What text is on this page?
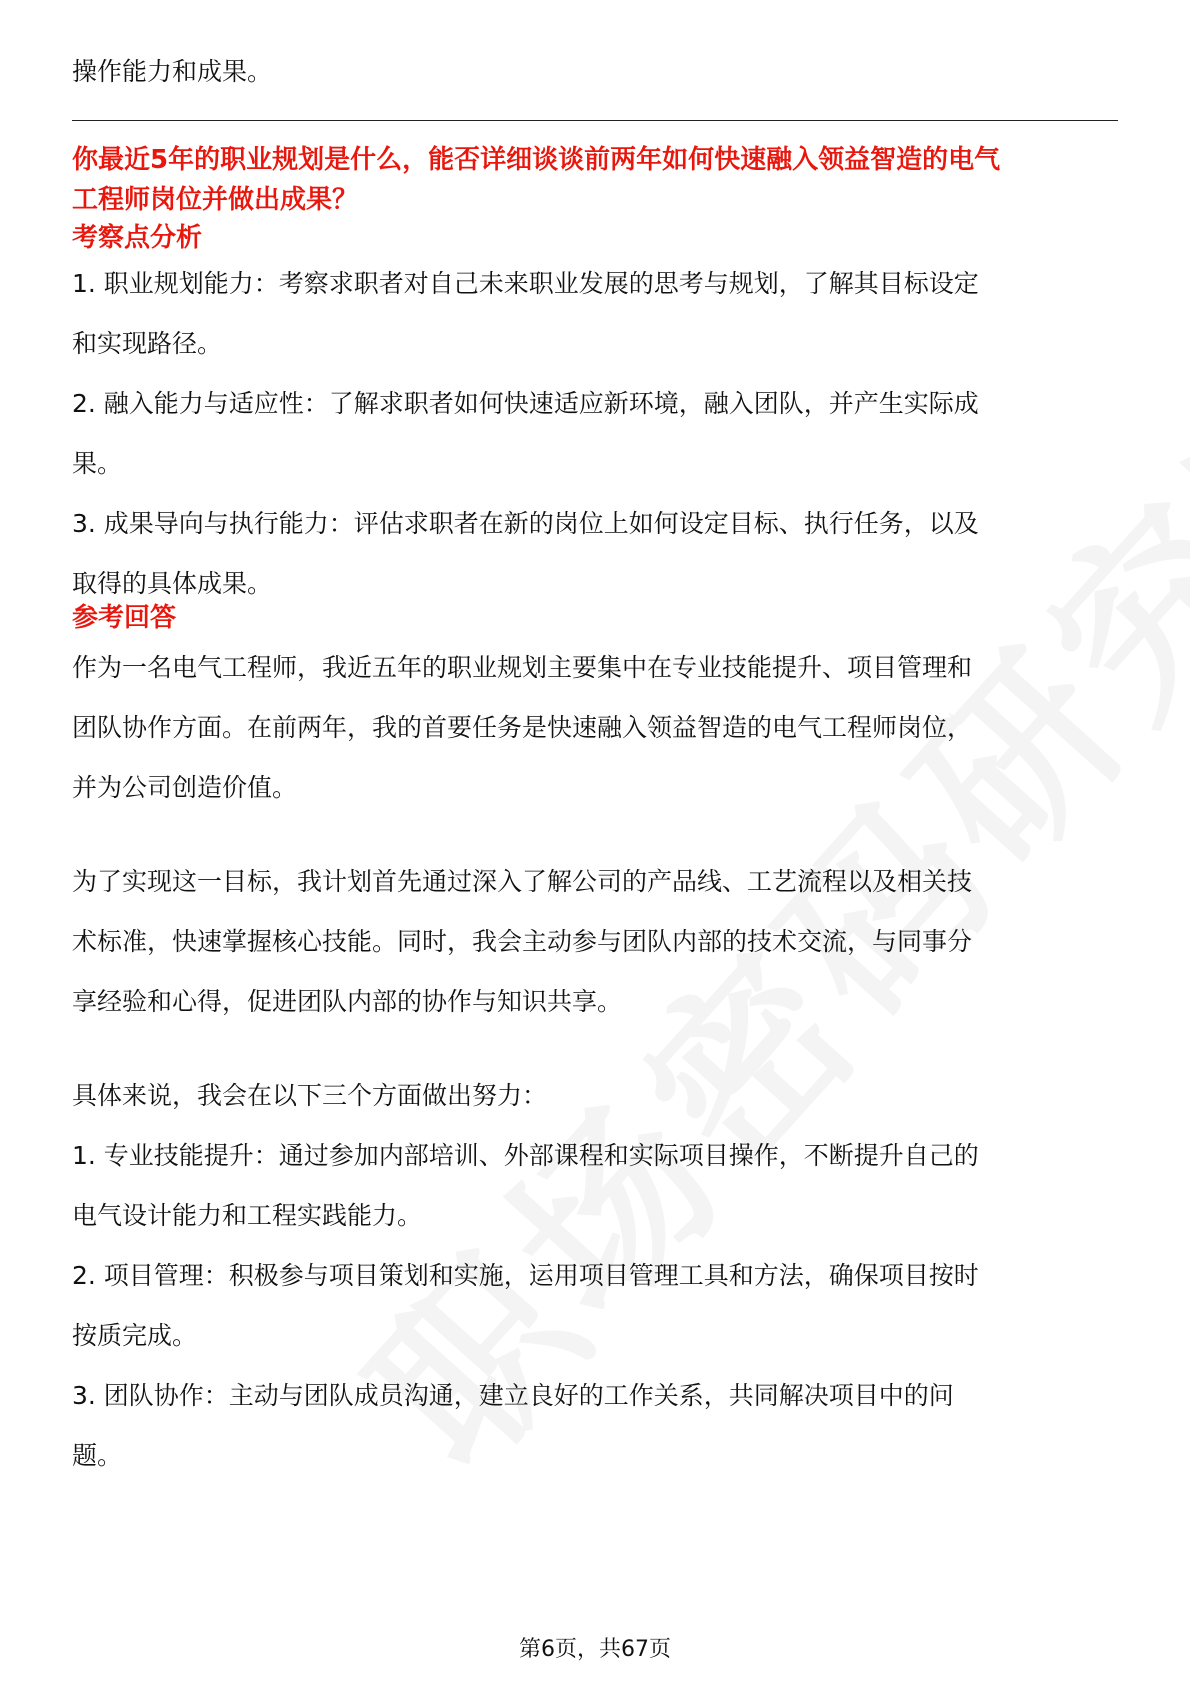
操作能力和成果。

你最近5年的职业规划是什么，能否详细谈谈前两年如何快速融入领益智造的电气
工程师岗位并做出成果？

考察点分析

1. 职业规划能力：考察求职者对自己未来职业发展的思考与规划，了解其目标设定

和实现路径。

2. 融入能力与适应性：了解求职者如何快速适应新环境，融入团队，并产生实际成

果。

3. 成果导向与执行能力：评估求职者在新的岗位上如何设定目标、执行任务，以及

取得的具体成果。

参考回答

作为一名电气工程师，我近五年的职业规划主要集中在专业技能提升、项目管理和

团队协作方面。在前两年，我的首要任务是快速融入领益智造的电气工程师岗位，

并为公司创造价值。

为了实现这一目标，我计划首先通过深入了解公司的产品线、工艺流程以及相关技

术标准，快速掌握核心技能。同时，我会主动参与团队内部的技术交流，与同事分

享经验和心得，促进团队内部的协作与知识共享。

具体来说，我会在以下三个方面做出努力：

1. 专业技能提升：通过参加内部培训、外部课程和实际项目操作，不断提升自己的

电气设计能力和工程实践能力。

2. 项目管理：积极参与项目策划和实施，运用项目管理工具和方法，确保项目按时

按质完成。

3. 团队协作：主动与团队成员沟通，建立良好的工作关系，共同解决项目中的问

题。

第6页，共67页
